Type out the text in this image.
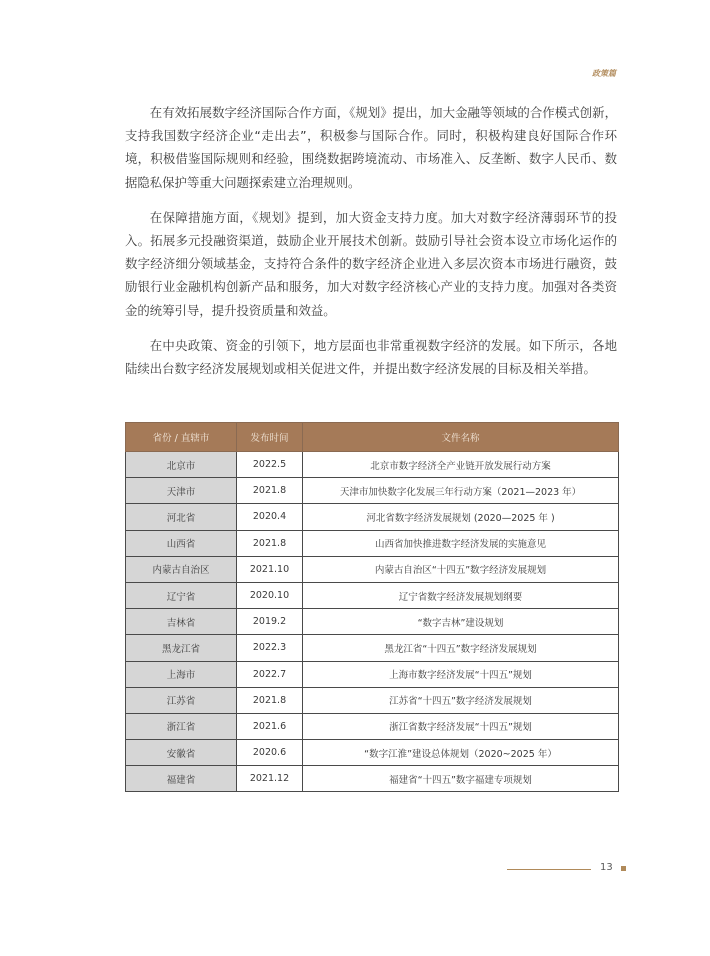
政策篇

在有效拓展数字经济国际合作方面，《规划》提出，加大金融等领域的合作模式创新，支持我国数字经济企业“走出去”，积极参与国际合作。同时，积极构建良好国际合作环境，积极借鉴国际规则和经验，围绕数据跨境流动、市场准入、反垄断、数字人民币、数据隐私保护等重大问题探索建立治理规则。

在保障措施方面，《规划》提到，加大资金支持力度。加大对数字经济薄弱环节的投入。拓展多元投融资渠道，鼓励企业开展技术创新。鼓励引导社会资本设立市场化运作的数字经济细分领域基金，支持符合条件的数字经济企业进入多层次资本市场进行融资，鼓励银行业金融机构创新产品和服务，加大对数字经济核心产业的支持力度。加强对各类资金的统筹引导，提升投资质量和效益。

在中央政策、资金的引领下，地方层面也非常重视数字经济的发展。如下所示，各地陆续出台数字经济发展规划或相关促进文件，并提出数字经济发展的目标及相关举措。

省份 / 直辖市	发布时间	文件名称
北京市	2022.5	北京市数字经济全产业链开放发展行动方案
天津市	2021.8	天津市加快数字化发展三年行动方案（2021—2023 年）
河北省	2020.4	河北省数字经济发展规划 (2020—2025 年 )
山西省	2021.8	山西省加快推进数字经济发展的实施意见
内蒙古自治区	2021.10	内蒙古自治区“十四五”数字经济发展规划
辽宁省	2020.10	辽宁省数字经济发展规划纲要
吉林省	2019.2	“数字吉林”建设规划
黑龙江省	2022.3	黑龙江省“十四五”数字经济发展规划
上海市	2022.7	上海市数字经济发展“十四五”规划
江苏省	2021.8	江苏省“十四五”数字经济发展规划
浙江省	2021.6	浙江省数字经济发展“十四五”规划
安徽省	2020.6	“数字江淮”建设总体规划（2020~2025 年）
福建省	2021.12	福建省“十四五”数字福建专项规划
13
